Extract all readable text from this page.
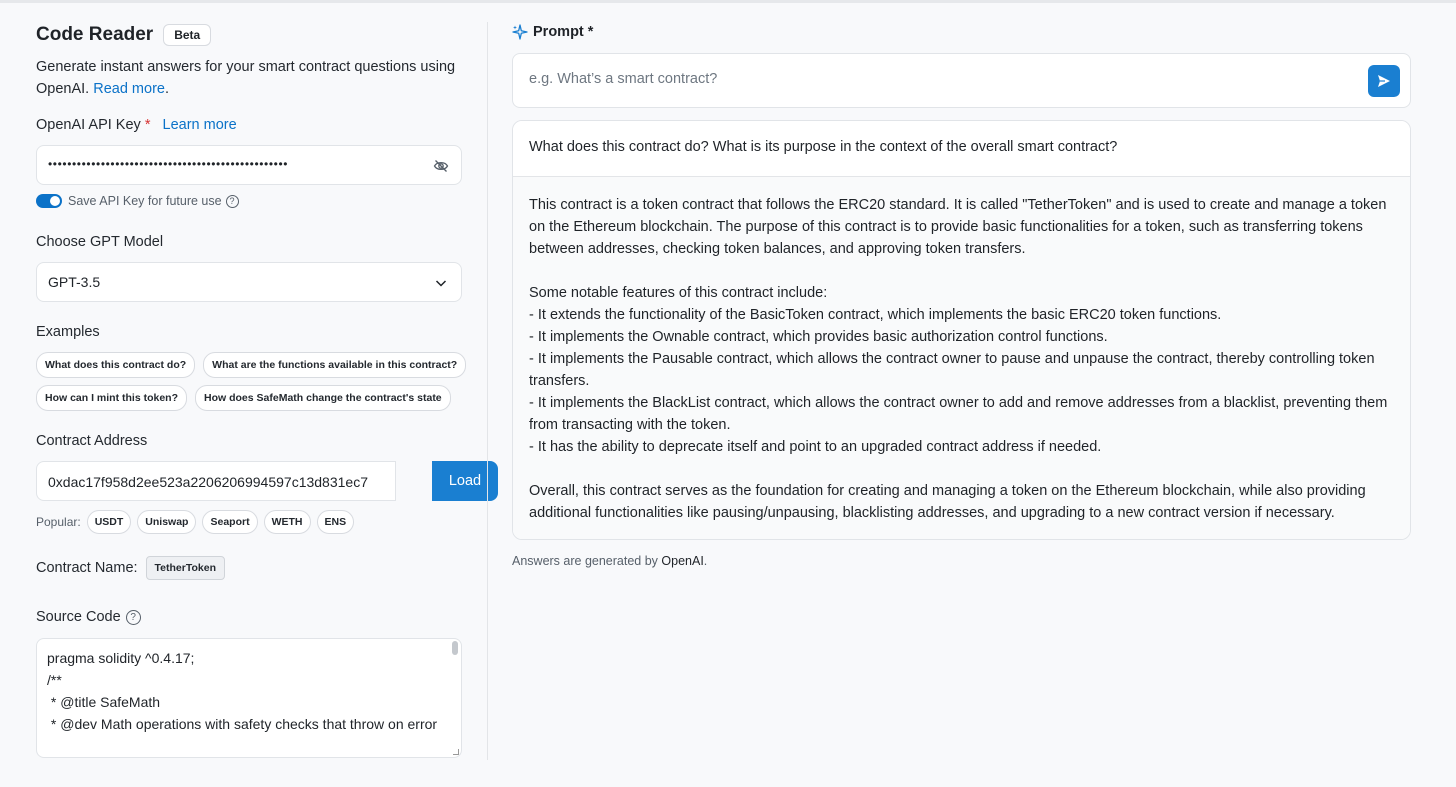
Code Reader	Beta
Generate instant answers for your smart contract questions using OpenAI. Read more.
OpenAI API Key * Learn more
••••••••••••••••••••••••••••••••••••••••••••••••••
Save API Key for future use ?
Choose GPT Model
GPT-3.5
Examples
What does this contract do?	What are the functions available in this contract?
How can I mint this token?	How does SafeMath change the contract's state
Contract Address
0xdac17f958d2ee523a2206206994597c13d831ec7	Load
Popular:	USDT	Uniswap	Seaport	WETH	ENS
Contract Name:	TetherToken
Source Code ?
pragma solidity ^0.4.17;
/**
* @title SafeMath
* @dev Math operations with safety checks that throw on error
Prompt *
e.g. What’s a smart contract?
What does this contract do? What is its purpose in the context of the overall smart contract?

This contract is a token contract that follows the ERC20 standard. It is called "TetherToken" and is used to create and manage a token on the Ethereum blockchain. The purpose of this contract is to provide basic functionalities for a token, such as transferring tokens between addresses, checking token balances, and approving token transfers.

Some notable features of this contract include:

- It extends the functionality of the BasicToken contract, which implements the basic ERC20 token functions.

- It implements the Ownable contract, which provides basic authorization control functions.

- It implements the Pausable contract, which allows the contract owner to pause and unpause the contract, thereby controlling token transfers.

- It implements the BlackList contract, which allows the contract owner to add and remove addresses from a blacklist, preventing them from transacting with the token.

- It has the ability to deprecate itself and point to an upgraded contract address if needed.

Overall, this contract serves as the foundation for creating and managing a token on the Ethereum blockchain, while also providing additional functionalities like pausing/unpausing, blacklisting addresses, and upgrading to a new contract version if necessary.

Answers are generated by OpenAI.
